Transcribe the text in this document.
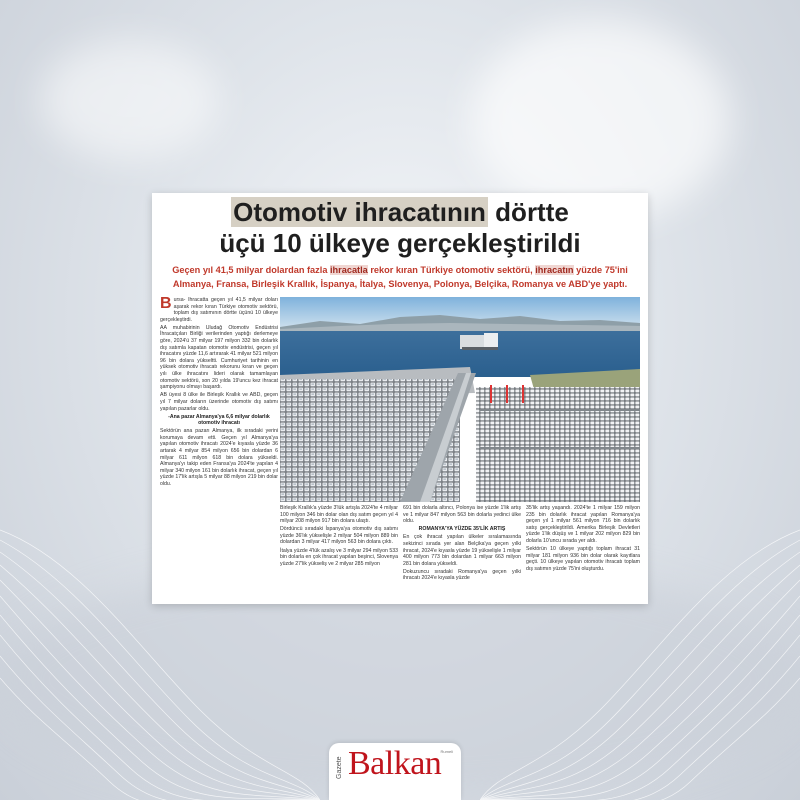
Otomotiv ihracatının dörtte
üçü 10 ülkeye gerçekleştirildi
Geçen yıl 41,5 milyar dolardan fazla ihracatla rekor kıran Türkiye otomotiv sektörü, ihracatın yüzde 75'ini Almanya, Fransa, Birleşik Krallık, İspanya, İtalya, Slovenya, Polonya, Belçika, Romanya ve ABD'ye yaptı.

Bursa- İhracatta geçen yıl 41,5 milyar doları aşarak rekor kıran Türkiye otomotiv sektörü, toplam dış satımının dörtte üçünü 10 ülkeye gerçekleştirdi.

AA muhabirinin Uludağ Otomotiv Endüstrisi İhracatçıları Birliği verilerinden yaptığı derlemeye göre, 2024'ü 37 milyar 197 milyon 332 bin dolarlık dış satımla kapatan otomotiv endüstrisi, geçen yıl ihracatını yüzde 11,6 artırarak 41 milyar 521 milyon 96 bin dolara yükseltti. Cumhuriyet tarihinin en yüksek otomotiv ihracatı rekorunu kıran ve geçen yılı ülke ihracatını lideri olarak tamamlayan otomotiv sektörü, son 20 yılda 19'uncu kez ihracat şampiyonu olmayı başardı.

AB üyesi 8 ülke ile Birleşik Krallık ve ABD, geçen yıl 7 milyar doların üzerinde otomotiv dış satımı yapılan pazarlar oldu.

-Ana pazar Almanya'ya 6,6 milyar dolarlık otomotiv ihracatı

Sektörün ana pazarı Almanya, ilk sıradaki yerini korumaya devam etti. Geçen yıl Almanya'ya yapılan otomotiv ihracatı 2024'e kıyasla yüzde 36 artarak 4 milyar 854 milyon 656 bin dolardan 6 milyar 611 milyon 618 bin dolara yükseldi. Almanya'yı takip eden Fransa'ya 2024'te yapılan 4 milyar 340 milyon 161 bin dolarlık ihracat, geçen yıl yüzde 17'lik artışla 5 milyar 88 milyon 219 bin dolar oldu.

Birleşik Krallık'a yüzde 3'lük artışla 2024'te 4 milyar 100 milyon 346 bin dolar olan dış satım geçen yıl 4 milyar 208 milyon 917 bin dolara ulaştı.

Dördüncü sıradaki İspanya'ya otomotiv dış satımı yüzde 36'lık yükselişle 2 milyar 504 milyon 889 bin dolardan 3 milyar 417 milyon 563 bin dolara çıktı.

İtalya yüzde 4'lük azalış ve 3 milyar 294 milyon 533 bin dolarla en çok ihracat yapılan beşinci, Slovenya yüzde 27'lik yükseliş ve 2 milyar 285 milyon

691 bin dolarla altıncı, Polonya ise yüzde 1'lik artış ve 1 milyar 847 milyon 563 bin dolarla yedinci ülke oldu.

ROMANYA'YA YÜZDE 35'LİK ARTIŞ

En çok ihracat yapılan ülkeler sıralamasında sekizinci sırada yer alan Belçika'ya geçen yılki ihracat, 2024'e kıyasla yüzde 19 yükselişle 1 milyar 400 milyon 773 bin dolardan 1 milyar 663 milyon 281 bin dolara yükseldi.

Dokuzuncu sıradaki Romanya'ya geçen yılki ihracatı 2024'e kıyasla yüzde

35'lik artış yaşandı. 2024'te 1 milyar 159 milyon 235 bin dolarlık ihracat yapılan Romanya'ya geçen yıl 1 milyar 561 milyon 716 bin dolarlık satış gerçekleştirildi. Amerika Birleşik Devletleri yüzde 1'lik düşüş ve 1 milyar 202 milyon 829 bin dolarla 10'uncu sırada yer aldı.

Sektörün 10 ülkeye yaptığı toplam ihracat 31 milyar 181 milyon 936 bin dolar olarak kayıtlara geçti. 10 ülkeye yapılan otomotiv ihracatı toplam dış satımın yüzde 75'ini oluşturdu.

Gazete Balkan Rumeli
